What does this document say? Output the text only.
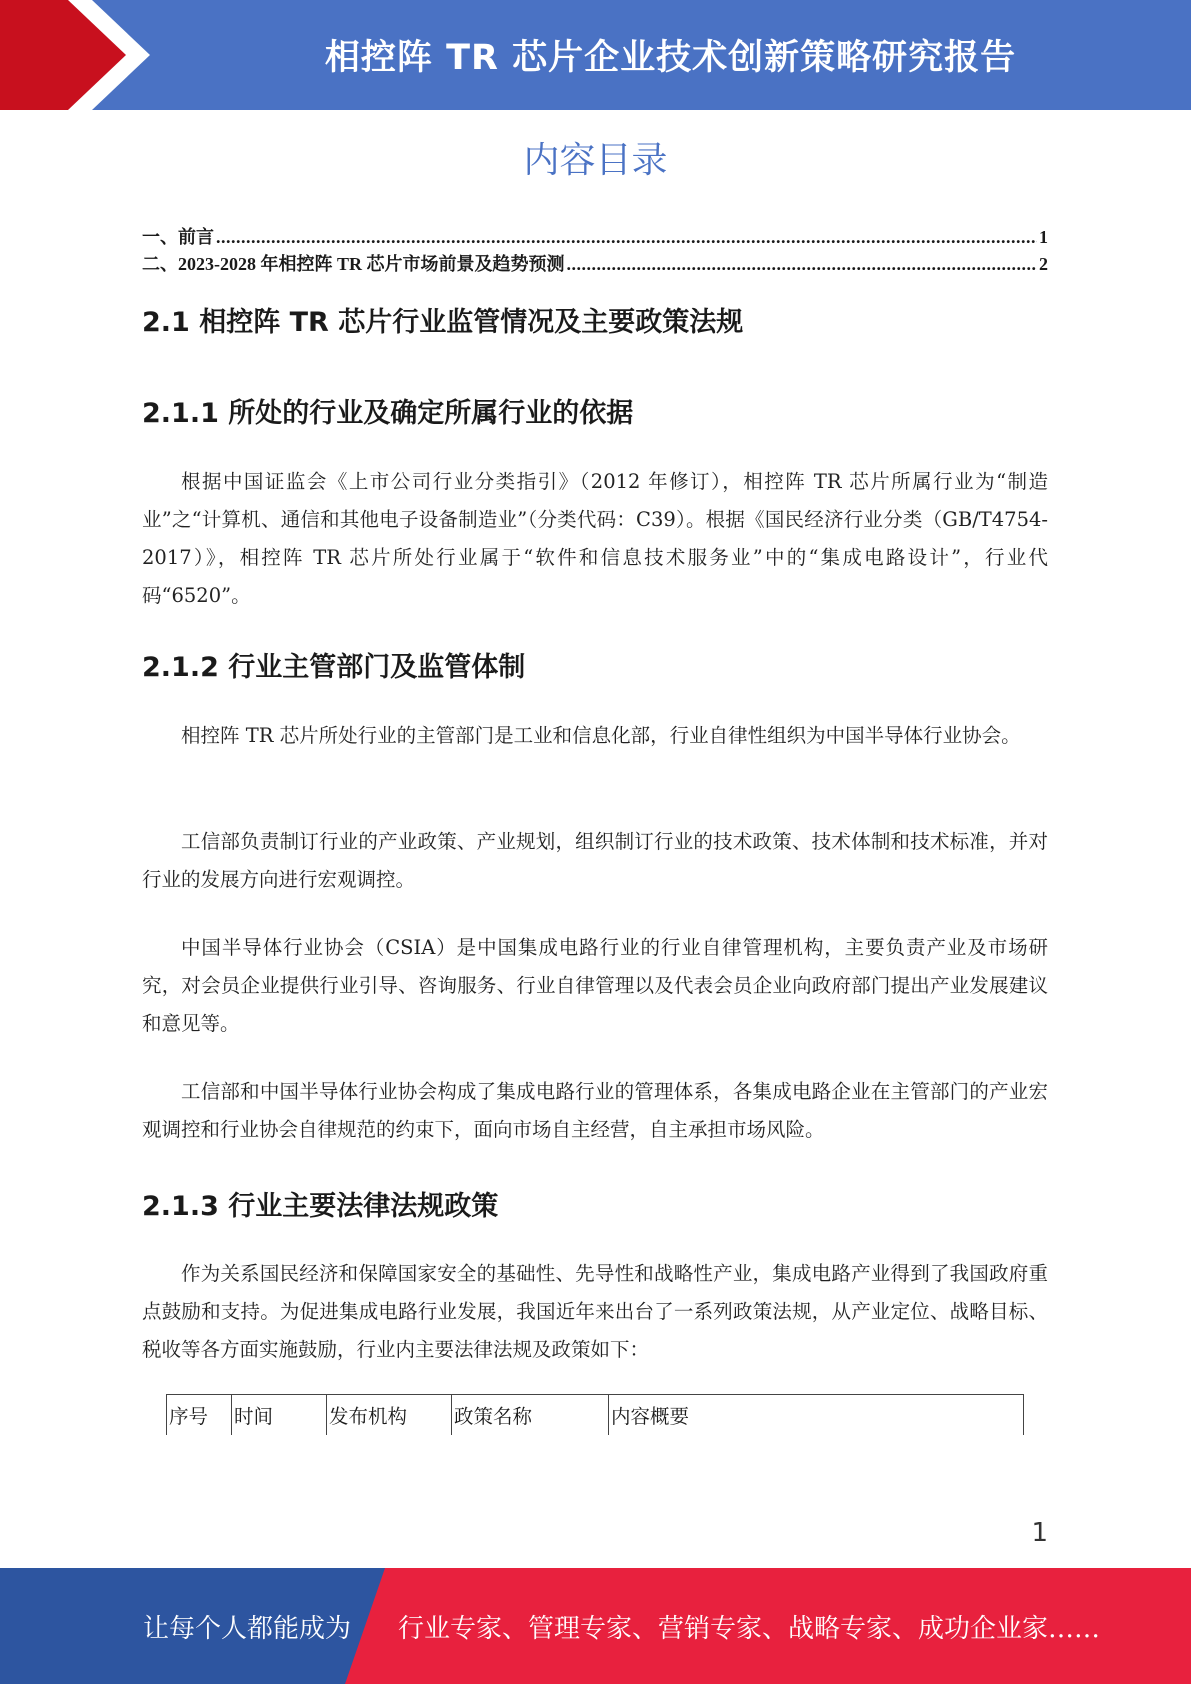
相控阵 TR 芯片企业技术创新策略研究报告
内容目录
一、前言 .....	1
二、2023-2028 年相控阵 TR 芯片市场前景及趋势预测 .....	2
2.1 相控阵 TR 芯片行业监管情况及主要政策法规
2.1.1 所处的行业及确定所属行业的依据

根据中国证监会《上市公司行业分类指引》（2012 年修订），相控阵 TR 芯片所属行业为“制造业”之“计算机、通信和其他电子设备制造业”（分类代码：C39）。根据《国民经济行业分类（GB/T4754-2017）》，相控阵 TR 芯片所处行业属于“软件和信息技术服务业”中的“集成电路设计”，行业代码“6520”。

2.1.2 行业主管部门及监管体制

相控阵 TR 芯片所处行业的主管部门是工业和信息化部，行业自律性组织为中国半导体行业协会。

工信部负责制订行业的产业政策、产业规划，组织制订行业的技术政策、技术体制和技术标准，并对行业的发展方向进行宏观调控。

中国半导体行业协会（CSIA）是中国集成电路行业的行业自律管理机构，主要负责产业及市场研究，对会员企业提供行业引导、咨询服务、行业自律管理以及代表会员企业向政府部门提出产业发展建议和意见等。

工信部和中国半导体行业协会构成了集成电路行业的管理体系，各集成电路企业在主管部门的产业宏观调控和行业协会自律规范的约束下，面向市场自主经营，自主承担市场风险。

2.1.3 行业主要法律法规政策

作为关系国民经济和保障国家安全的基础性、先导性和战略性产业，集成电路产业得到了我国政府重点鼓励和支持。为促进集成电路行业发展，我国近年来出台了一系列政策法规，从产业定位、战略目标、税收等各方面实施鼓励，行业内主要法律法规及政策如下：

序号	时间	发布机构	政策名称	内容概要
1
让每个人都能成为 行业专家、管理专家、营销专家、战略专家、成功企业家……
